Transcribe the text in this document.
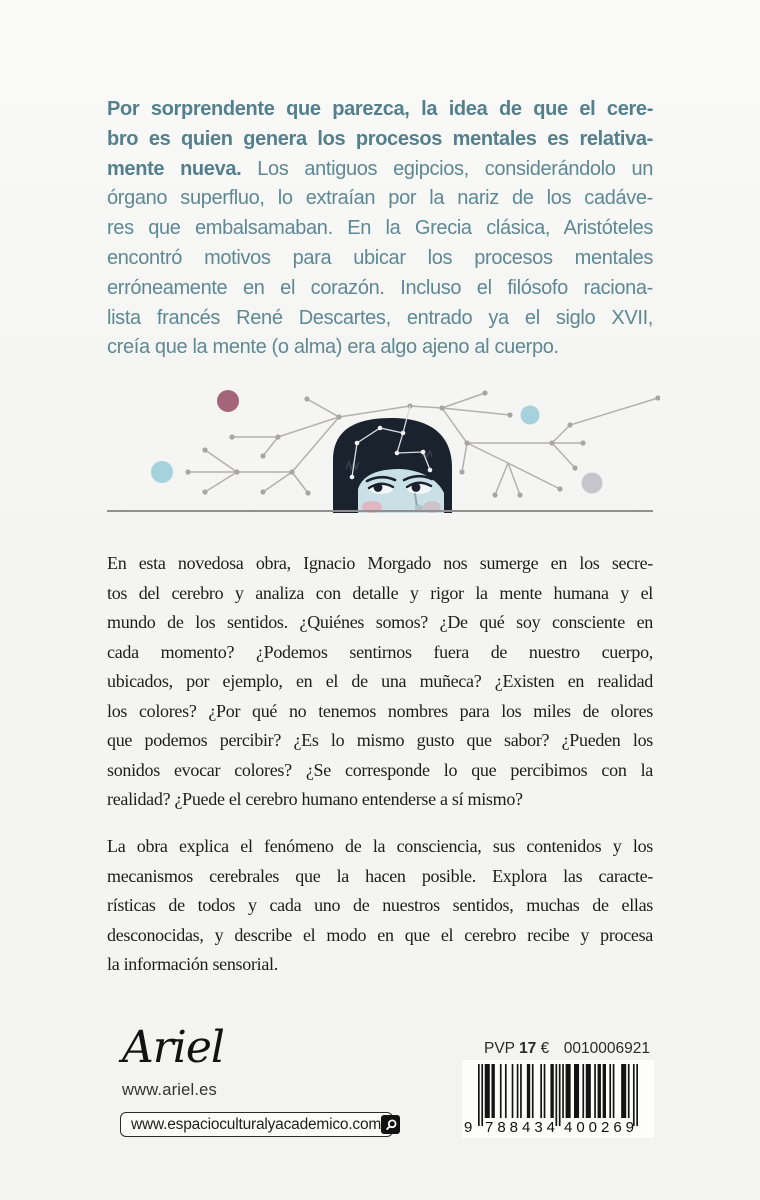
Por sorprendente que parezca, la idea de que el cere-
bro es quien genera los procesos mentales es relativa-
mente nueva. Los antiguos egipcios, considerándolo un
órgano superfluo, lo extraían por la nariz de los cadáve-
res que embalsamaban. En la Grecia clásica, Aristóteles
encontró motivos para ubicar los procesos mentales
erróneamente en el corazón. Incluso el filósofo raciona-
lista francés René Descartes, entrado ya el siglo XVII,
creía que la mente (o alma) era algo ajeno al cuerpo.
En esta novedosa obra, Ignacio Morgado nos sumerge en los secre-
tos del cerebro y analiza con detalle y rigor la mente humana y el
mundo de los sentidos. ¿Quiénes somos? ¿De qué soy consciente en
cada momento? ¿Podemos sentirnos fuera de nuestro cuerpo,
ubicados, por ejemplo, en el de una muñeca? ¿Existen en realidad
los colores? ¿Por qué no tenemos nombres para los miles de olores
que podemos percibir? ¿Es lo mismo gusto que sabor? ¿Pueden los
sonidos evocar colores? ¿Se corresponde lo que percibimos con la
realidad? ¿Puede el cerebro humano entenderse a sí mismo?
La obra explica el fenómeno de la consciencia, sus contenidos y los
mecanismos cerebrales que la hacen posible. Explora las caracte-
rísticas de todos y cada uno de nuestros sentidos, muchas de ellas
desconocidas, y describe el modo en que el cerebro recibe y procesa
la información sensorial.
Ariel
www.ariel.es
www.espacioculturalyacademico.com
PVP 17 € 0010006921
9 7 8 8 4 3 4 4 0 0 2 6 9
